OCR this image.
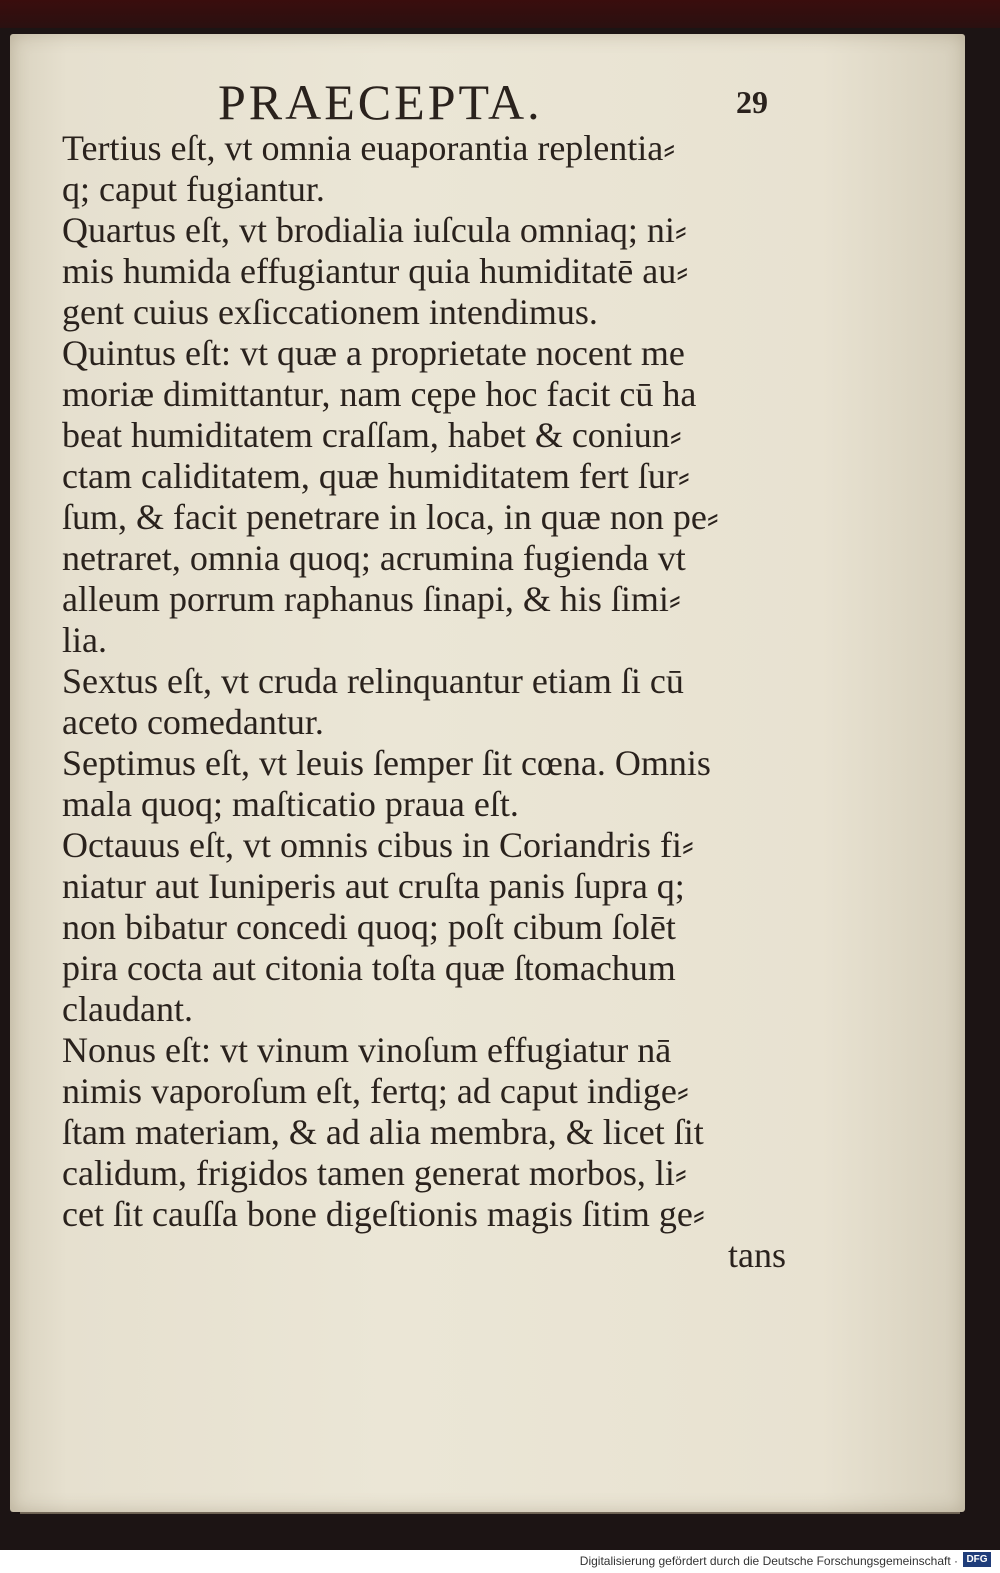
PRAECEPTA.	29
Tertius eſt, vt omnia euaporantia replentia⸗
q; caput fugiantur.
Quartus eſt, vt brodialia iuſcula omniaq; ni⸗
mis humida effugiantur quia humiditatē au⸗
gent cuius exſiccationem intendimus.
Quintus eſt: vt quæ a proprietate nocent me
moriæ dimittantur, nam cępe hoc facit cū ha
beat humiditatem craſſam, habet & coniun⸗
ctam caliditatem, quæ humiditatem fert ſur⸗
ſum, & facit penetrare in loca, in quæ non pe⸗
netraret, omnia quoq; acrumina fugienda vt
alleum porrum raphanus ſinapi, & his ſimi⸗
lia.
Sextus eſt, vt cruda relinquantur etiam ſi cū
aceto comedantur.
Septimus eſt, vt leuis ſemper ſit cœna. Omnis
mala quoq; maſticatio praua eſt.
Octauus eſt, vt omnis cibus in Coriandris fi⸗
niatur aut Iuniperis aut cruſta panis ſupra q;
non bibatur concedi quoq; poſt cibum ſolēt
pira cocta aut citonia toſta quæ ſtomachum
claudant.
Nonus eſt: vt vinum vinoſum effugiatur nā
nimis vaporoſum eſt, fertq; ad caput indige⸗
ſtam materiam, & ad alia membra, & licet ſit
calidum, frigidos tamen generat morbos, li⸗
cet ſit cauſſa bone digeſtionis magis ſitim ge⸗
tans
Digitalisierung gefördert durch die Deutsche Forschungsgemeinschaft · DFG
